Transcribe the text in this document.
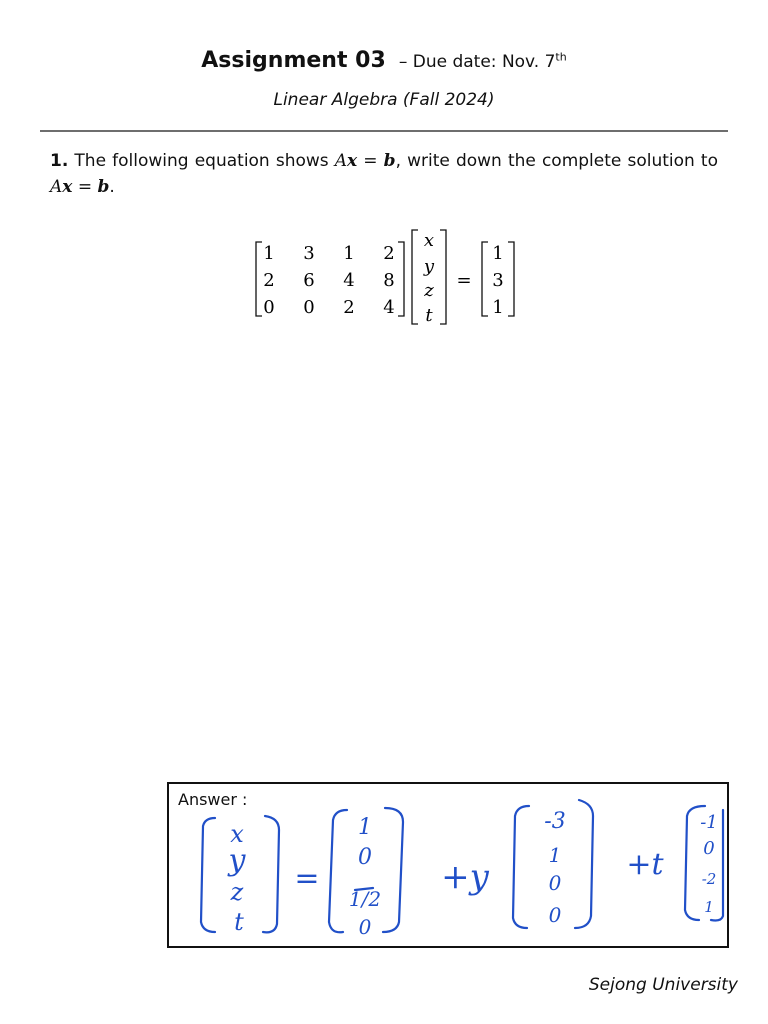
Assignment 03 – Due date: Nov. 7th
Linear Algebra (Fall 2024)
1. The following equation shows Ax = b, write down the complete solution to Ax = b.
1 3 1 2
2 6 4 8
0 0 2 4
x
y
z
t
=
1
3
1
Answer :
x
y
z
t
=
1
0
1/2
0
+y
-3
1
0
0
+t
-1
0
-2
1
Sejong University
